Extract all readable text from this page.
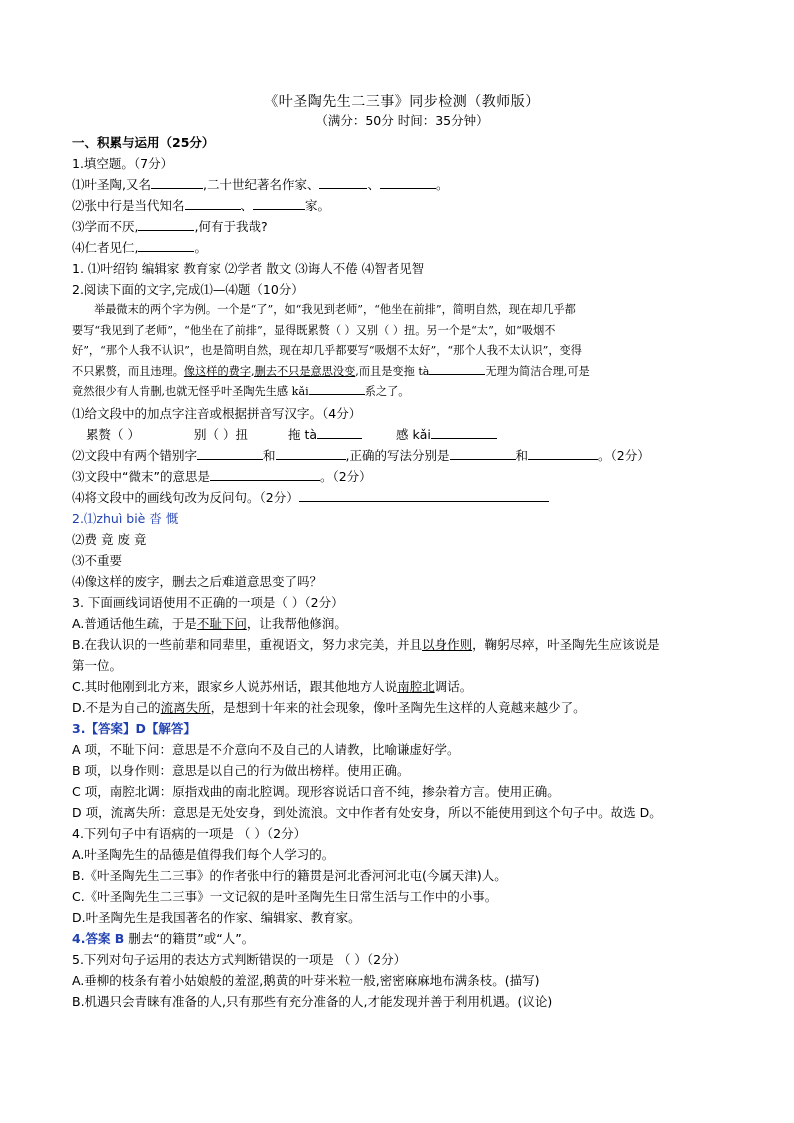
《叶圣陶先生二三事》同步检测（教师版）

（满分：50分 时间：35分钟）

一、积累与运用（25分）

1.填空题。（7分）

⑴叶圣陶,又名	,二十世纪著名作家、	、	。

⑵张中行是当代知名	、	家。

⑶学而不厌,	,何有于我哉?

⑷仁者见仁,	。

1. ⑴叶绍钧 编辑家 教育家 ⑵学者 散文 ⑶诲人不倦 ⑷智者见智

2.阅读下面的文字,完成⑴—⑷题（10分）

举最微末的两个字为例。一个是“了”，如“我见到老师”，“他坐在前排”，简明自然，现在却几乎都

要写“我见到了老师”，“他坐在了前排”，显得既累赘（ ）又别（ ）扭。另一个是“太”，如“吸烟不

好”，“那个人我不认识”，也是简明自然，现在却几乎都要写“吸烟不太好”，“那个人我不太认识”，变得

不只累赘，而且违理。像这样的费字,删去不只是意思没变,而且是变拖 tà	无理为简洁合理,可是

竟然很少有人肯删,也就无怪乎叶圣陶先生感 kǎi	系之了。

⑴给文段中的加点字注音或根据拼音写汉字。（4分）

累赘（ ）	别（ ）扭	拖 tà	感 kǎi

⑵文段中有两个错别字	和	,正确的写法分别是	和	。（2分）

⑶文段中“微末”的意思是	。（2分）

⑷将文段中的画线句改为反问句。（2分）

2.⑴zhuì biè 沓 慨

⑵费 竟 废 竟

⑶不重要

⑷像这样的废字，删去之后难道意思变了吗？

3. 下面画线词语使用不正确的一项是（ ）（2分）

A.普通话他生疏，于是不耻下问，让我帮他修润。

B.在我认识的一些前辈和同辈里，重视语文，努力求完美，并且以身作则，鞠躬尽瘁，叶圣陶先生应该说是

第一位。

C.其时他刚到北方来，跟家乡人说苏州话，跟其他地方人说南腔北调话。

D.不是为自己的流离失所，是想到十年来的社会现象，像叶圣陶先生这样的人竟越来越少了。

3.【答案】D【解答】

A 项，不耻下问：意思是不介意向不及自己的人请教，比喻谦虚好学。

B 项，以身作则：意思是以自己的行为做出榜样。使用正确。

C 项，南腔北调：原指戏曲的南北腔调。现形容说话口音不纯，掺杂着方言。使用正确。

D 项，流离失所：意思是无处安身，到处流浪。文中作者有处安身，所以不能使用到这个句子中。故选 D。

4.下列句子中有语病的一项是 （ ）（2分）

A.叶圣陶先生的品德是值得我们每个人学习的。

B.《叶圣陶先生二三事》的作者张中行的籍贯是河北香河河北屯(今属天津)人。

C.《叶圣陶先生二三事》一文记叙的是叶圣陶先生日常生活与工作中的小事。

D.叶圣陶先生是我国著名的作家、编辑家、教育家。

4.答案 B 删去“的籍贯”或“人”。

5.下列对句子运用的表达方式判断错误的一项是 （ ）（2分）

A.垂柳的枝条有着小姑娘般的羞涩,鹅黄的叶芽米粒一般,密密麻麻地布满条枝。(描写)

B.机遇只会青睐有准备的人,只有那些有充分准备的人,才能发现并善于利用机遇。(议论)
